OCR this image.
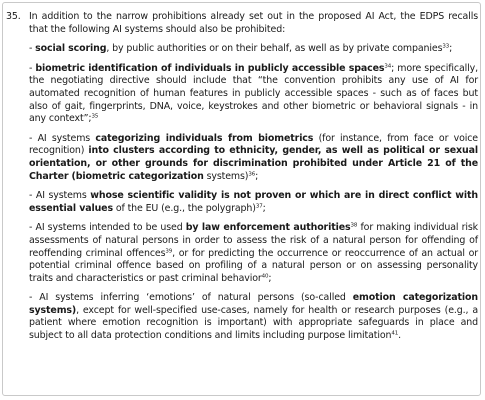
35. In addition to the narrow prohibitions already set out in the proposed AI Act, the EDPS recalls that the following AI systems should also be prohibited:

- social scoring, by public authorities or on their behalf, as well as by private companies$^{33}$;

- biometric identification of individuals in publicly accessible spaces$^{34}$; more specifically, the negotiating directive should include that “the convention prohibits any use of AI for automated recognition of human features in publicly accessible spaces - such as of faces but also of gait, fingerprints, DNA, voice, keystrokes and other biometric or behavioral signals - in any context”;$^{35}$

- AI systems categorizing individuals from biometrics (for instance, from face or voice recognition) into clusters according to ethnicity, gender, as well as political or sexual orientation, or other grounds for discrimination prohibited under Article 21 of the Charter (biometric categorization systems)$^{36}$;

- AI systems whose scientific validity is not proven or which are in direct conflict with essential values of the EU (e.g., the polygraph)$^{37}$;

- AI systems intended to be used by law enforcement authorities$^{38}$ for making individual risk assessments of natural persons in order to assess the risk of a natural person for offending of reoffending criminal offences$^{39}$, or for predicting the occurrence or reoccurrence of an actual or potential criminal offence based on profiling of a natural person or on assessing personality traits and characteristics or past criminal behavior$^{40}$;

- AI systems inferring ‘emotions’ of natural persons (so-called emotion categorization systems), except for well-specified use-cases, namely for health or research purposes (e.g., a patient where emotion recognition is important) with appropriate safeguards in place and subject to all data protection conditions and limits including purpose limitation$^{41}$.
